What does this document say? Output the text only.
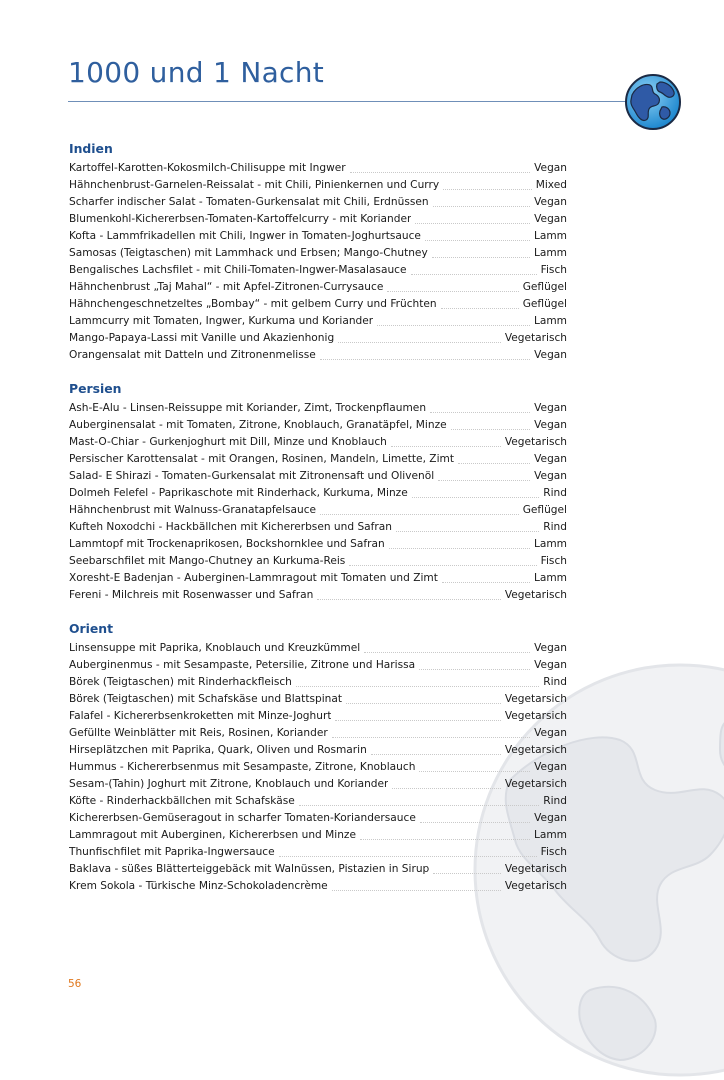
1000 und 1 Nacht
Indien
Kartoffel-Karotten-Kokosmilch-Chilisuppe mit Ingwer	Vegan
Hähnchenbrust-Garnelen-Reissalat - mit Chili, Pinienkernen und Curry	Mixed
Scharfer indischer Salat - Tomaten-Gurkensalat mit Chili, Erdnüssen	Vegan
Blumenkohl-Kichererbsen-Tomaten-Kartoffelcurry - mit Koriander	Vegan
Kofta - Lammfrikadellen mit Chili, Ingwer in Tomaten-Joghurtsauce	Lamm
Samosas (Teigtaschen) mit Lammhack und Erbsen; Mango-Chutney	Lamm
Bengalisches Lachsfilet - mit Chili-Tomaten-Ingwer-Masalasauce	Fisch
Hähnchenbrust „Taj Mahal“ - mit Apfel-Zitronen-Currysauce	Geflügel
Hähnchengeschnetzeltes „Bombay“ - mit gelbem Curry und Früchten	Geflügel
Lammcurry mit Tomaten, Ingwer, Kurkuma und Koriander	Lamm
Mango-Papaya-Lassi mit Vanille und Akazienhonig	Vegetarisch
Orangensalat mit Datteln und Zitronenmelisse	Vegan
Persien
Ash-E-Alu - Linsen-Reissuppe mit Koriander, Zimt, Trockenpflaumen	Vegan
Auberginensalat - mit Tomaten, Zitrone, Knoblauch, Granatäpfel, Minze	Vegan
Mast-O-Chiar - Gurkenjoghurt mit Dill, Minze und Knoblauch	Vegetarisch
Persischer Karottensalat - mit Orangen, Rosinen, Mandeln, Limette, Zimt	Vegan
Salad- E Shirazi - Tomaten-Gurkensalat mit Zitronensaft und Olivenöl	Vegan
Dolmeh Felefel - Paprikaschote mit Rinderhack, Kurkuma, Minze	Rind
Hähnchenbrust mit Walnuss-Granatapfelsauce	Geflügel
Kufteh Noxodchi - Hackbällchen mit Kichererbsen und Safran	Rind
Lammtopf mit Trockenaprikosen, Bockshornklee und Safran	Lamm
Seebarschfilet mit Mango-Chutney an Kurkuma-Reis	Fisch
Xoresht-E Badenjan - Auberginen-Lammragout mit Tomaten und Zimt	Lamm
Fereni - Milchreis mit Rosenwasser und Safran	Vegetarisch
Orient
Linsensuppe mit Paprika, Knoblauch und Kreuzkümmel	Vegan
Auberginenmus - mit Sesampaste, Petersilie, Zitrone und Harissa	Vegan
Börek (Teigtaschen) mit Rinderhackfleisch	Rind
Börek (Teigtaschen) mit Schafskäse und Blattspinat	Vegetarsich
Falafel - Kichererbsenkroketten mit Minze-Joghurt	Vegetarsich
Gefüllte Weinblätter mit Reis, Rosinen, Koriander	Vegan
Hirseplätzchen mit Paprika, Quark, Oliven und Rosmarin	Vegetarsich
Hummus - Kichererbsenmus mit Sesampaste, Zitrone, Knoblauch	Vegan
Sesam-(Tahin) Joghurt mit Zitrone, Knoblauch und Koriander	Vegetarsich
Köfte - Rinderhackbällchen mit Schafskäse	Rind
Kichererbsen-Gemüseragout in scharfer Tomaten-Koriandersauce	Vegan
Lammragout mit Auberginen, Kichererbsen und Minze	Lamm
Thunfischfilet mit Paprika-Ingwersauce	Fisch
Baklava - süßes Blätterteiggebäck mit Walnüssen, Pistazien in Sirup	Vegetarisch
Krem Sokola - Türkische Minz-Schokoladencrème	Vegetarisch
56
